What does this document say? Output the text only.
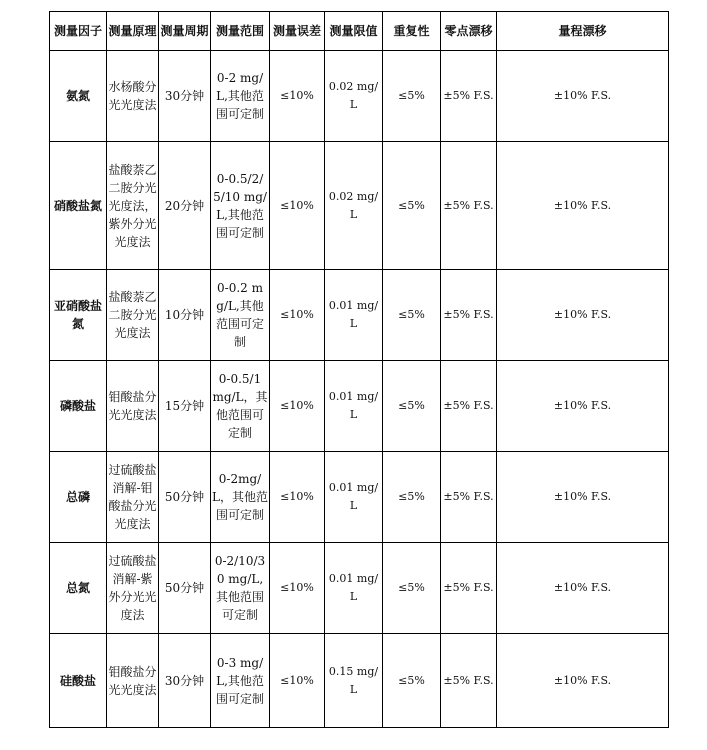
测量因子	测量原理	测量周期	测量范围	测量误差	测量限值	重复性	零点漂移	量程漂移
氨氮	水杨酸分光光度法	30分钟	0-2 mg/L,其他范围可定制	≤10%	0.02 mg/L	≤5%	±5% F.S.	±10% F.S.
硝酸盐氮	盐酸萘乙二胺分光光度法，紫外分光光度法	20分钟	0-0.5/2/5/10 mg/L,其他范围可定制	≤10%	0.02 mg/L	≤5%	±5% F.S.	±10% F.S.
亚硝酸盐氮	盐酸萘乙二胺分光光度法	10分钟	0-0.2 mg/L,其他范围可定制	≤10%	0.01 mg/L	≤5%	±5% F.S.	±10% F.S.
磷酸盐	钼酸盐分光光度法	15分钟	0-0.5/1 mg/L，其他范围可定制	≤10%	0.01 mg/L	≤5%	±5% F.S.	±10% F.S.
总磷	过硫酸盐消解-钼酸盐分光光度法	50分钟	0-2mg/L，其他范围可定制	≤10%	0.01 mg/L	≤5%	±5% F.S.	±10% F.S.
总氮	过硫酸盐消解-紫外分光光度法	50分钟	0-2/10/30 mg/L,其他范围可定制	≤10%	0.01 mg/L	≤5%	±5% F.S.	±10% F.S.
硅酸盐	钼酸盐分光光度法	30分钟	0-3 mg/L,其他范围可定制	≤10%	0.15 mg/L	≤5%	±5% F.S.	±10% F.S.
